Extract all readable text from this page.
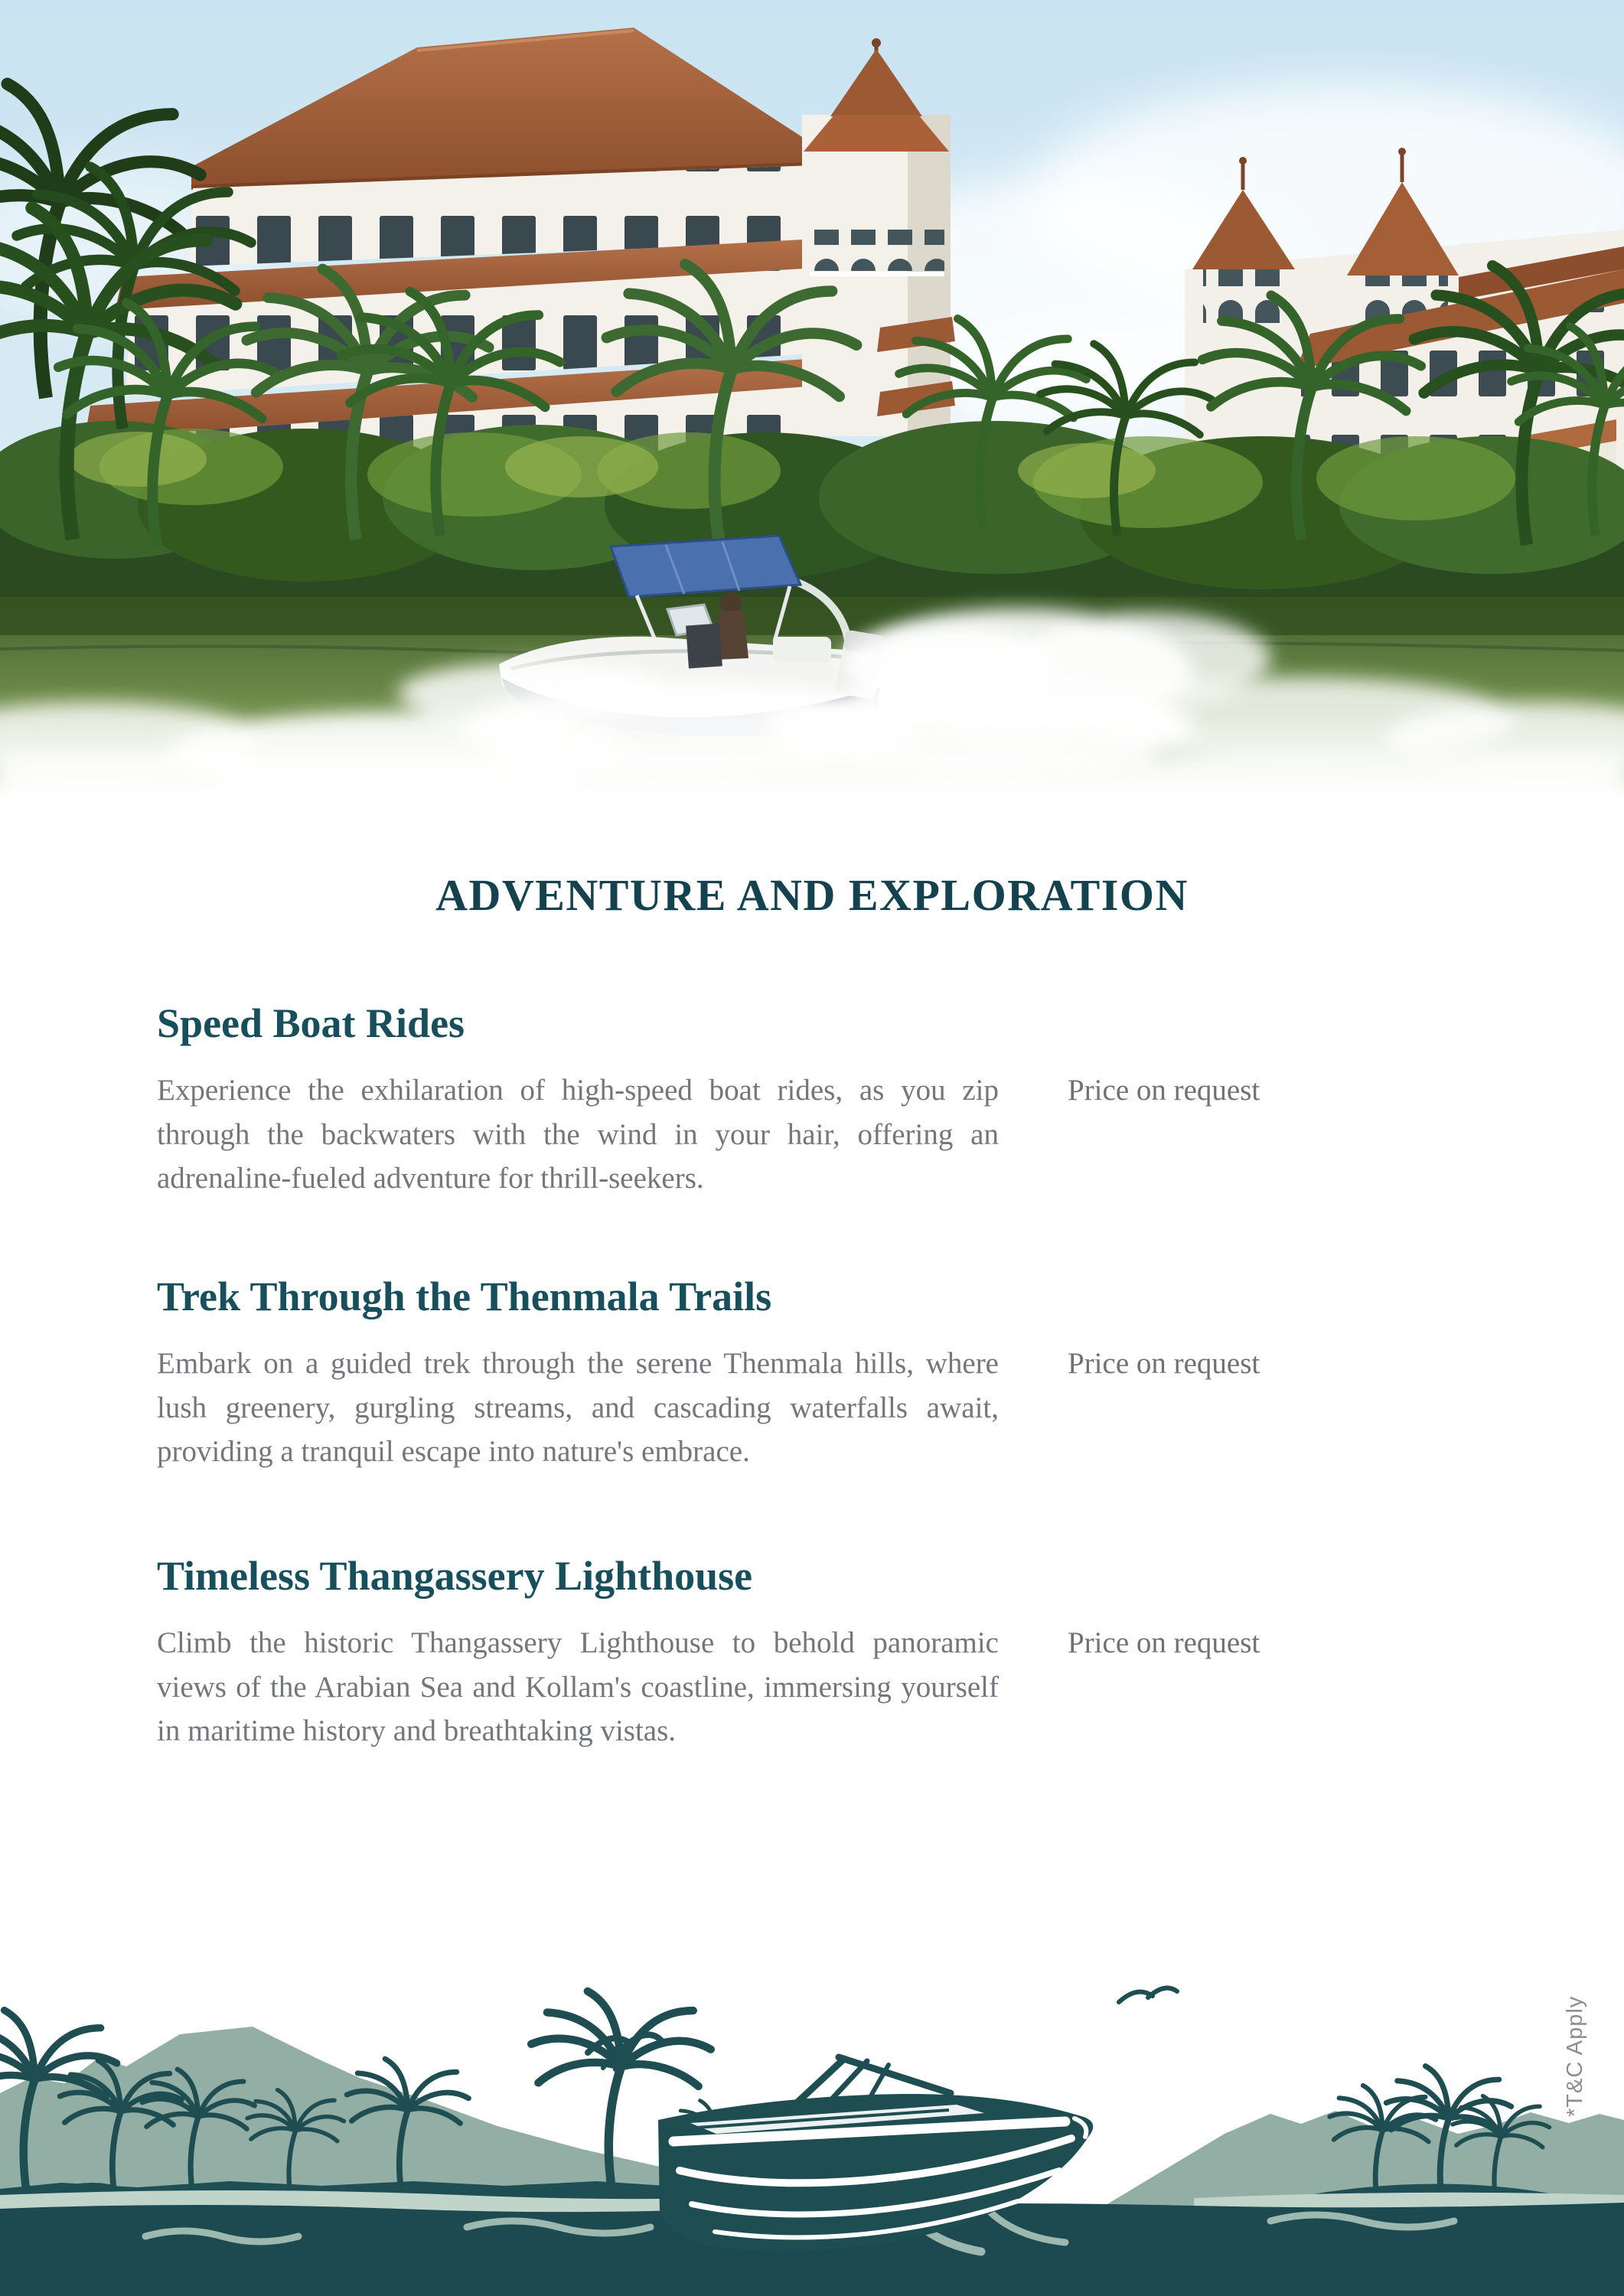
ADVENTURE AND EXPLORATION
Speed Boat Rides

Experience the exhilaration of high-speed boat rides, as you zip through the backwaters with the wind in your hair, offering an adrenaline-fueled adventure for thrill-seekers.

Price on request
Trek Through the Thenmala Trails

Embark on a guided trek through the serene Thenmala hills, where lush greenery, gurgling streams, and cascading waterfalls await, providing a tranquil escape into nature's embrace.

Price on request
Timeless Thangassery Lighthouse

Climb the historic Thangassery Lighthouse to behold panoramic views of the Arabian Sea and Kollam's coastline, immersing yourself in maritime history and breathtaking vistas.

Price on request
*T&C Apply
